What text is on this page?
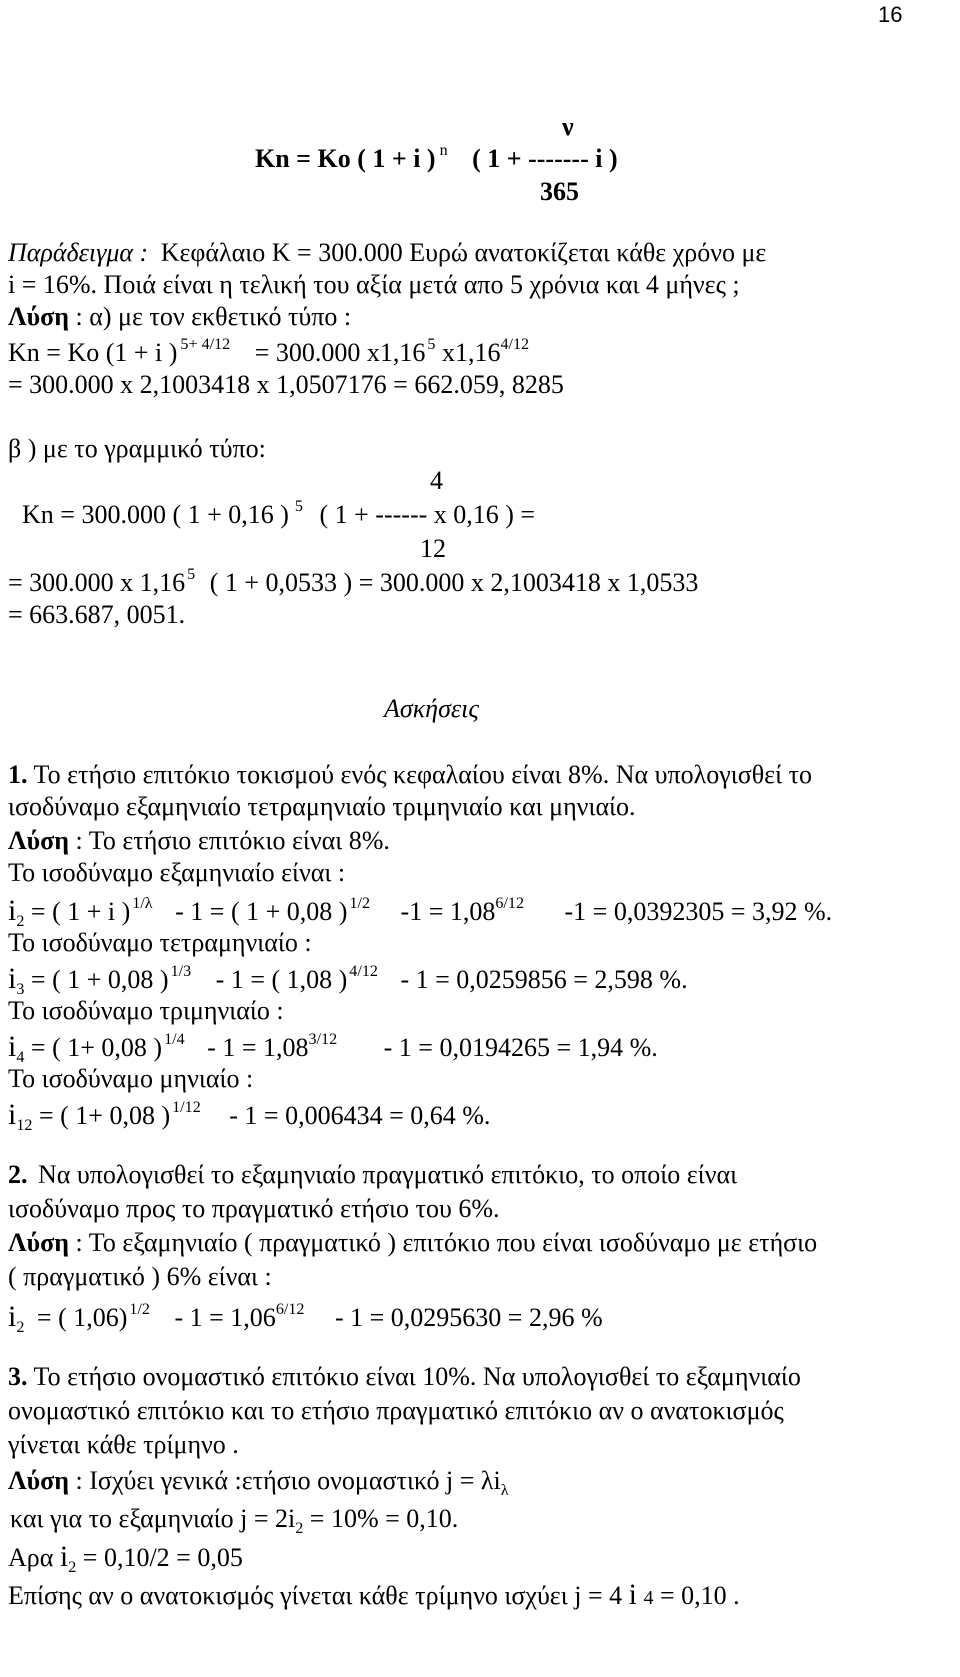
16
ν
Kn = Ko ( 1 + i ) $^n$ ( 1 + ------- i )
365
Παράδειγμα : Κεφάλαιο Κ = 300.000 Ευρώ ανατοκίζεται κάθε χρόνο με
i = 16%. Ποιά είναι η τελική του αξία μετά απο 5 χρόνια και 4 μήνες ;
Λύση : α) με τον εκθετικό τύπο :
Kn = Ko (1 + i ) $^{5+ 4/12}$ = 300.000 x1,16 $^5$ $x1,16^{4/12}$
= 300.000 x 2,1003418 x 1,0507176 = 662.059, 8285
β ) με το γραμμικό τύπο:
4
Kn = 300.000 ( 1 + 0,16 ) $^5$ ( 1 + ------ x 0,16 ) =
12
= 300.000 x 1,16 $^5$ ( 1 + 0,0533 ) = 300.000 x 2,1003418 x 1,0533
= 663.687, 0051.
Ασκήσεις
1. Το ετήσιο επιτόκιο τοκισμού ενός κεφαλαίου είναι 8%. Να υπολογισθεί το
ισοδύναμο εξαμηνιαίο τετραμηνιαίο τριμηνιαίο και μηνιαίο.
Λύση : Το ετήσιο επιτόκιο είναι 8%.
Το ισοδύναμο εξαμηνιαίο είναι :
$i_2$ = ( 1 + i ) $^{1/\lambda}$ - 1 = ( 1 + 0,08 ) $^{1/2}$ $-1 = 1,08^{6/12}$ -1 = 0,0392305 = 3,92 %.
Το ισοδύναμο τετραμηνιαίο :
$i_3$ = ( 1 + 0,08 ) $^{1/3}$ - 1 = ( 1,08 ) $^{4/12}$ - 1 = 0,0259856 = 2,598 %.
Το ισοδύναμο τριμηνιαίο :
$i_4$ = ( 1+ 0,08 ) $^{1/4} - 1 = 1,08^{3/12} - 1 = 0,0194265 = 1,94$ %.
Το ισοδύναμο μηνιαίο :
$i_{12}$ = ( 1+ 0,08 ) $^{1/12}$ - 1 = 0,006434 = 0,64 %.
2. Να υπολογισθεί το εξαμηνιαίο πραγματικό επιτόκιο, το οποίο είναι
ισοδύναμο προς το πραγματικό ετήσιο του 6%.
Λύση : Το εξαμηνιαίο ( πραγματικό ) επιτόκιο που είναι ισοδύναμο με ετήσιο
( πραγματικό ) 6% είναι :
$i_2$ = ( 1,06) $^{1/2} - 1 = 1,06^{6/12} - 1 = 0,0295630 = 2,96$ %
3. Το ετήσιο ονομαστικό επιτόκιο είναι 10%. Να υπολογισθεί το εξαμηνιαίο
ονομαστικό επιτόκιο και το ετήσιο πραγματικό επιτόκιο αν ο ανατοκισμός
γίνεται κάθε τρίμηνο .
Λύση : Ισχύει γενικά :ετήσιο ονομαστικό $j = \lambda i_\lambda$
και για το εξαμηνιαίο $j = 2i_2 = 10\% = 0,10$.
Αρα $i_2 = 0,10/2 = 0,05$
Επίσης αν ο ανατοκισμός γίνεται κάθε τρίμηνο ισχύει j = 4 i 4 = 0,10 .
